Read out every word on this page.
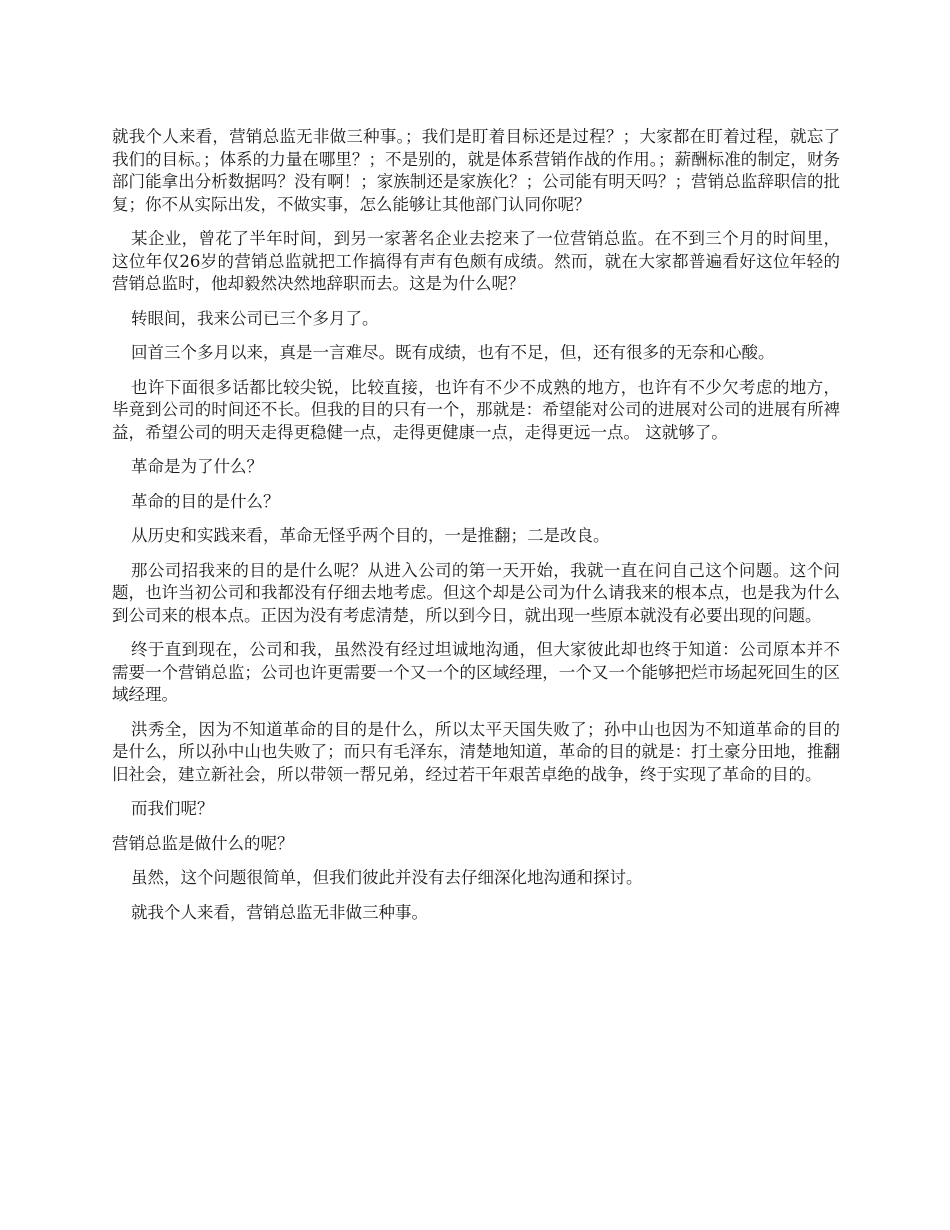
就我个人来看，营销总监无非做三种事。；我们是盯着目标还是过程？；大家都在盯着过程，就忘了我们的目标。；体系的力量在哪里？；不是别的，就是体系营销作战的作用。；薪酬标准的制定，财务部门能拿出分析数据吗？没有啊！；家族制还是家族化？；公司能有明天吗？；营销总监辞职信的批复；你不从实际出发，不做实事，怎么能够让其他部门认同你呢？

某企业，曾花了半年时间，到另一家著名企业去挖来了一位营销总监。在不到三个月的时间里，这位年仅26岁的营销总监就把工作搞得有声有色颇有成绩。然而，就在大家都普遍看好这位年轻的营销总监时，他却毅然决然地辞职而去。这是为什么呢？

转眼间，我来公司已三个多月了。

回首三个多月以来，真是一言难尽。既有成绩，也有不足，但，还有很多的无奈和心酸。

也许下面很多话都比较尖锐，比较直接，也许有不少不成熟的地方，也许有不少欠考虑的地方，毕竟到公司的时间还不长。但我的目的只有一个，那就是：希望能对公司的进展对公司的进展有所裨益，希望公司的明天走得更稳健一点，走得更健康一点，走得更远一点。 这就够了。

革命是为了什么？

革命的目的是什么？

从历史和实践来看，革命无怪乎两个目的，一是推翻；二是改良。

那公司招我来的目的是什么呢？从进入公司的第一天开始，我就一直在问自己这个问题。这个问题，也许当初公司和我都没有仔细去地考虑。但这个却是公司为什么请我来的根本点，也是我为什么到公司来的根本点。正因为没有考虑清楚，所以到今日，就出现一些原本就没有必要出现的问题。

终于直到现在，公司和我，虽然没有经过坦诚地沟通，但大家彼此却也终于知道：公司原本并不需要一个营销总监；公司也许更需要一个又一个的区域经理，一个又一个能够把烂市场起死回生的区域经理。

洪秀全，因为不知道革命的目的是什么，所以太平天国失败了；孙中山也因为不知道革命的目的是什么，所以孙中山也失败了；而只有毛泽东，清楚地知道，革命的目的就是：打土豪分田地，推翻旧社会，建立新社会，所以带领一帮兄弟，经过若干年艰苦卓绝的战争，终于实现了革命的目的。

而我们呢？

营销总监是做什么的呢？

虽然，这个问题很简单，但我们彼此并没有去仔细深化地沟通和探讨。

就我个人来看，营销总监无非做三种事。
